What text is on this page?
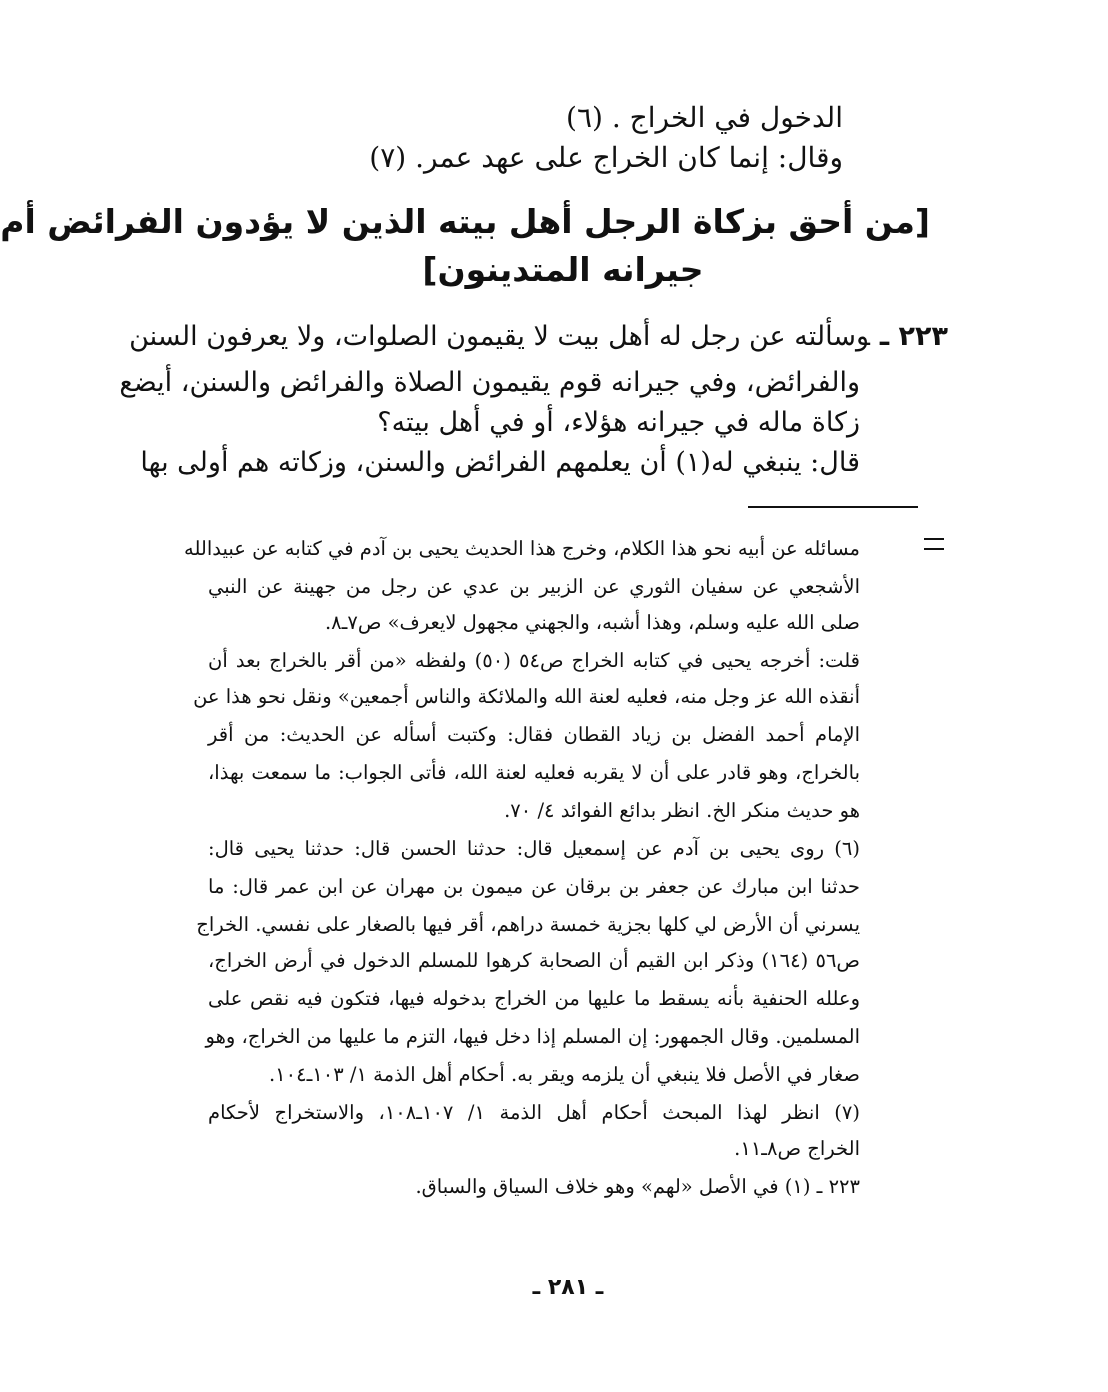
الدخول في الخراج . (٦)
وقال: إنما كان الخراج على عهد عمر. (٧)
[من أحق بزكاة الرجل أهل بيته الذين لا يؤدون الفرائض أم
جيرانه المتدينون]
٢٢٣ ـوسألته عن رجل له أهل بيت لا يقيمون الصلوات، ولا يعرفون السنن
والفرائض، وفي جيرانه قوم يقيمون الصلاة والفرائض والسنن، أيضع
زكاة ماله في جيرانه هؤلاء، أو في أهل بيته؟
قال: ينبغي له(١) أن يعلمهم الفرائض والسنن، وزكاته هم أولى بها
مسائله عن أبيه نحو هذا الكلام، وخرج هذا الحديث يحيى بن آدم في كتابه عن عبيدالله
الأشجعي عن سفيان الثوري عن الزبير بن عدي عن رجل من جهينة عن النبي
صلى الله عليه وسلم، وهذا أشبه، والجهني مجهول لايعرف» ص٧ـ٨.
قلت: أخرجه يحيى في كتابه الخراج ص٥٤ (٥٠) ولفظه «من أقر بالخراج بعد أن
أنقذه الله عز وجل منه، فعليه لعنة الله والملائكة والناس أجمعين» ونقل نحو هذا عن
الإمام أحمد الفضل بن زياد القطان فقال: وكتبت أسأله عن الحديث: من أقر
بالخراج، وهو قادر على أن لا يقربه فعليه لعنة الله، فأتى الجواب: ما سمعت بهذا،
هو حديث منكر الخ. انظر بدائع الفوائد ٤/ ٧٠.
(٦) روى يحيى بن آدم عن إسمعيل قال: حدثنا الحسن قال: حدثنا يحيى قال:
حدثنا ابن مبارك عن جعفر بن برقان عن ميمون بن مهران عن ابن عمر قال: ما
يسرني أن الأرض لي كلها بجزية خمسة دراهم، أقر فيها بالصغار على نفسي. الخراج
ص٥٦ (١٦٤) وذكر ابن القيم أن الصحابة كرهوا للمسلم الدخول في أرض الخراج،
وعلله الحنفية بأنه يسقط ما عليها من الخراج بدخوله فيها، فتكون فيه نقص على
المسلمين. وقال الجمهور: إن المسلم إذا دخل فيها، التزم ما عليها من الخراج، وهو
صغار في الأصل فلا ينبغي أن يلزمه ويقر به. أحكام أهل الذمة ١/ ١٠٣ـ١٠٤.
(٧) انظر لهذا المبحث أحكام أهل الذمة ١/ ١٠٧ـ١٠٨، والاستخراج لأحكام
الخراج ص٨ـ١١.
٢٢٣ ـ (١) في الأصل «لهم» وهو خلاف السياق والسباق.
ـ ٢٨١ ـ
